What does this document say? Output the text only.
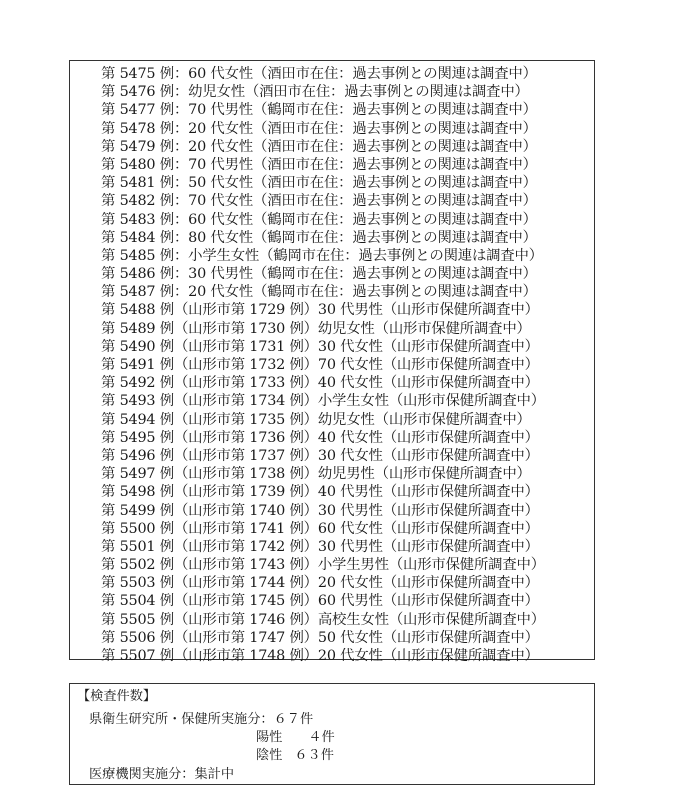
第 5475 例：60 代女性（酒田市在住：過去事例との関連は調査中）
第 5476 例：幼児女性（酒田市在住：過去事例との関連は調査中）
第 5477 例：70 代男性（鶴岡市在住：過去事例との関連は調査中）
第 5478 例：20 代女性（酒田市在住：過去事例との関連は調査中）
第 5479 例：20 代女性（酒田市在住：過去事例との関連は調査中）
第 5480 例：70 代男性（酒田市在住：過去事例との関連は調査中）
第 5481 例：50 代女性（酒田市在住：過去事例との関連は調査中）
第 5482 例：70 代女性（酒田市在住：過去事例との関連は調査中）
第 5483 例：60 代女性（鶴岡市在住：過去事例との関連は調査中）
第 5484 例：80 代女性（鶴岡市在住：過去事例との関連は調査中）
第 5485 例：小学生女性（鶴岡市在住：過去事例との関連は調査中）
第 5486 例：30 代男性（鶴岡市在住：過去事例との関連は調査中）
第 5487 例：20 代女性（鶴岡市在住：過去事例との関連は調査中）
第 5488 例（山形市第 1729 例）30 代男性（山形市保健所調査中）
第 5489 例（山形市第 1730 例）幼児女性（山形市保健所調査中）
第 5490 例（山形市第 1731 例）30 代女性（山形市保健所調査中）
第 5491 例（山形市第 1732 例）70 代女性（山形市保健所調査中）
第 5492 例（山形市第 1733 例）40 代女性（山形市保健所調査中）
第 5493 例（山形市第 1734 例）小学生女性（山形市保健所調査中）
第 5494 例（山形市第 1735 例）幼児女性（山形市保健所調査中）
第 5495 例（山形市第 1736 例）40 代女性（山形市保健所調査中）
第 5496 例（山形市第 1737 例）30 代女性（山形市保健所調査中）
第 5497 例（山形市第 1738 例）幼児男性（山形市保健所調査中）
第 5498 例（山形市第 1739 例）40 代男性（山形市保健所調査中）
第 5499 例（山形市第 1740 例）30 代男性（山形市保健所調査中）
第 5500 例（山形市第 1741 例）60 代女性（山形市保健所調査中）
第 5501 例（山形市第 1742 例）30 代男性（山形市保健所調査中）
第 5502 例（山形市第 1743 例）小学生男性（山形市保健所調査中）
第 5503 例（山形市第 1744 例）20 代女性（山形市保健所調査中）
第 5504 例（山形市第 1745 例）60 代男性（山形市保健所調査中）
第 5505 例（山形市第 1746 例）高校生女性（山形市保健所調査中）
第 5506 例（山形市第 1747 例）50 代女性（山形市保健所調査中）
第 5507 例（山形市第 1748 例）20 代女性（山形市保健所調査中）
【検査件数】
県衛生研究所・保健所実施分：６７件
陽性 ４件
陰性 ６３件
医療機関実施分：集計中
